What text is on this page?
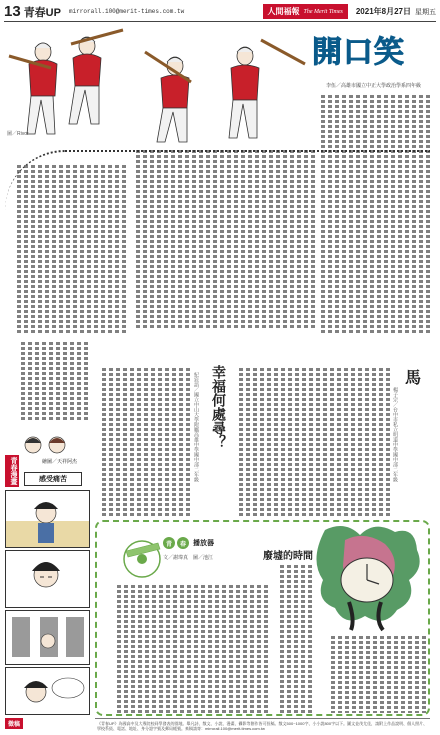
13 青春UP mirrorall.100@merit-times.com.tw	人間福報 The Merit Times 2021年8月27日 星期五
圖／Rivor
開口笑
李伍／高雄市國立中正大學政治學系四年級
紀宸語／國立中山大學附屬高雄中學國中部二年級 幸福何處尋？	馬
楊子宗／台中市私立明道中學國中部二年級
青春漫畫	繪圖／天祥阿杰
感受痛苦
青	春	播放器
文／謝瑋真　圖／池江	廢墟的時間
徵稿	《青春UP》為國高中及大專院校同學發表的園地。舉凡詩、散文、小說、漫畫、攝影等創作皆可投稿。散文500~1000字、小小說800字以下。圖文並茂尤佳，請附上作品說明、個人照片、學校系級、電話、地址、身分證字號及郵局帳號。來稿請寄：mirrorall.100@merit-times.com.tw
